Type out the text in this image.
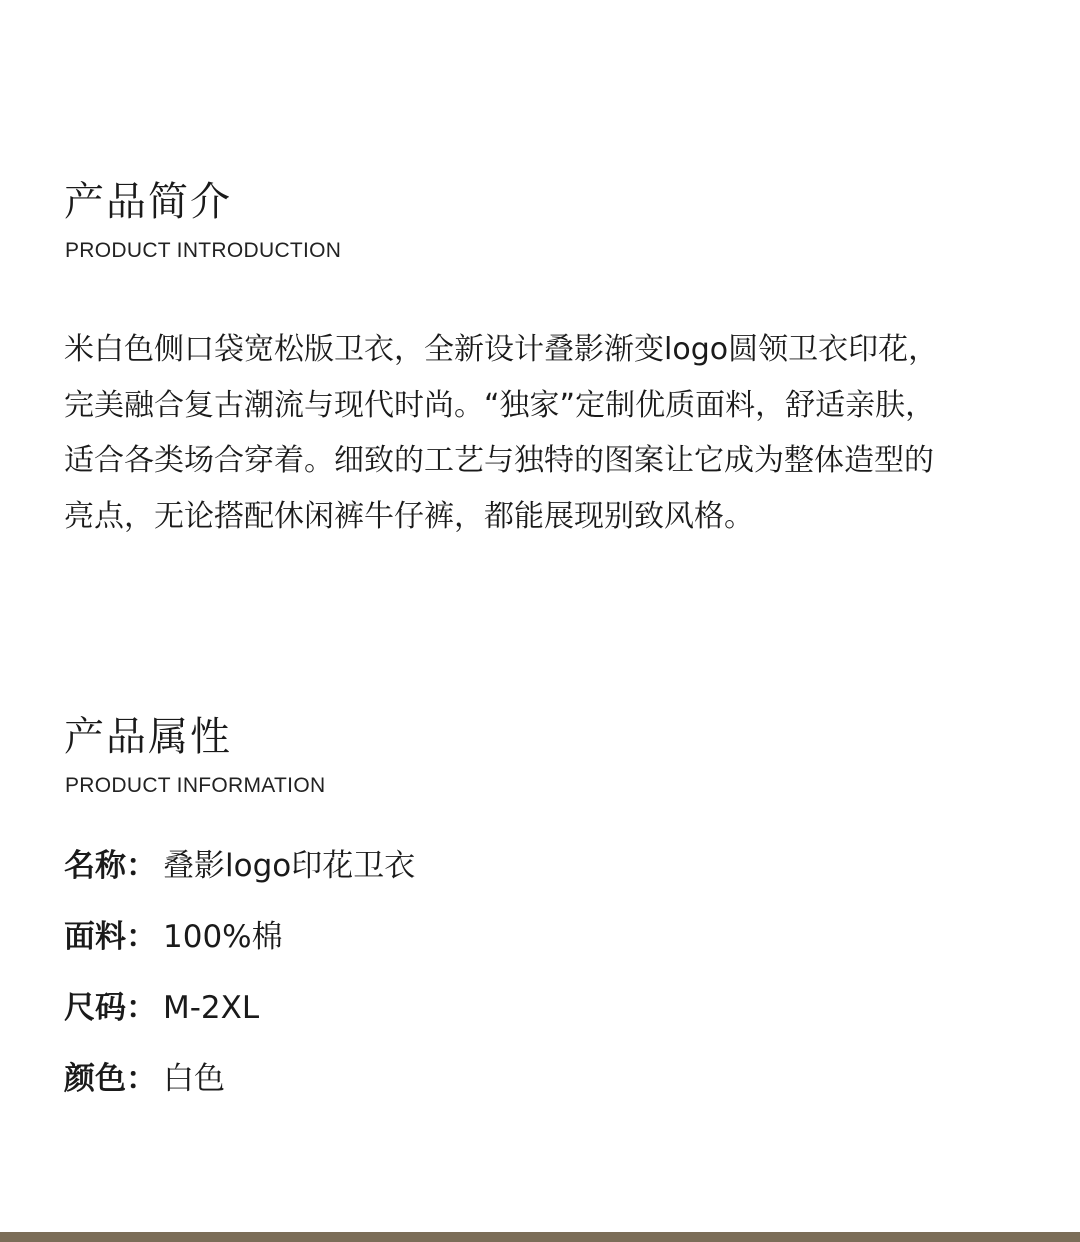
产品简介

PRODUCT INTRODUCTION

米白色侧口袋宽松版卫衣，全新设计叠影渐变logo圆领卫衣印花，
完美融合复古潮流与现代时尚。“独家”定制优质面料，舒适亲肤，
适合各类场合穿着。细致的工艺与独特的图案让它成为整体造型的
亮点，无论搭配休闲裤牛仔裤，都能展现别致风格。
产品属性

PRODUCT INFORMATION

名称： 叠影logo印花卫衣
面料： 100%棉
尺码： M-2XL
颜色： 白色
